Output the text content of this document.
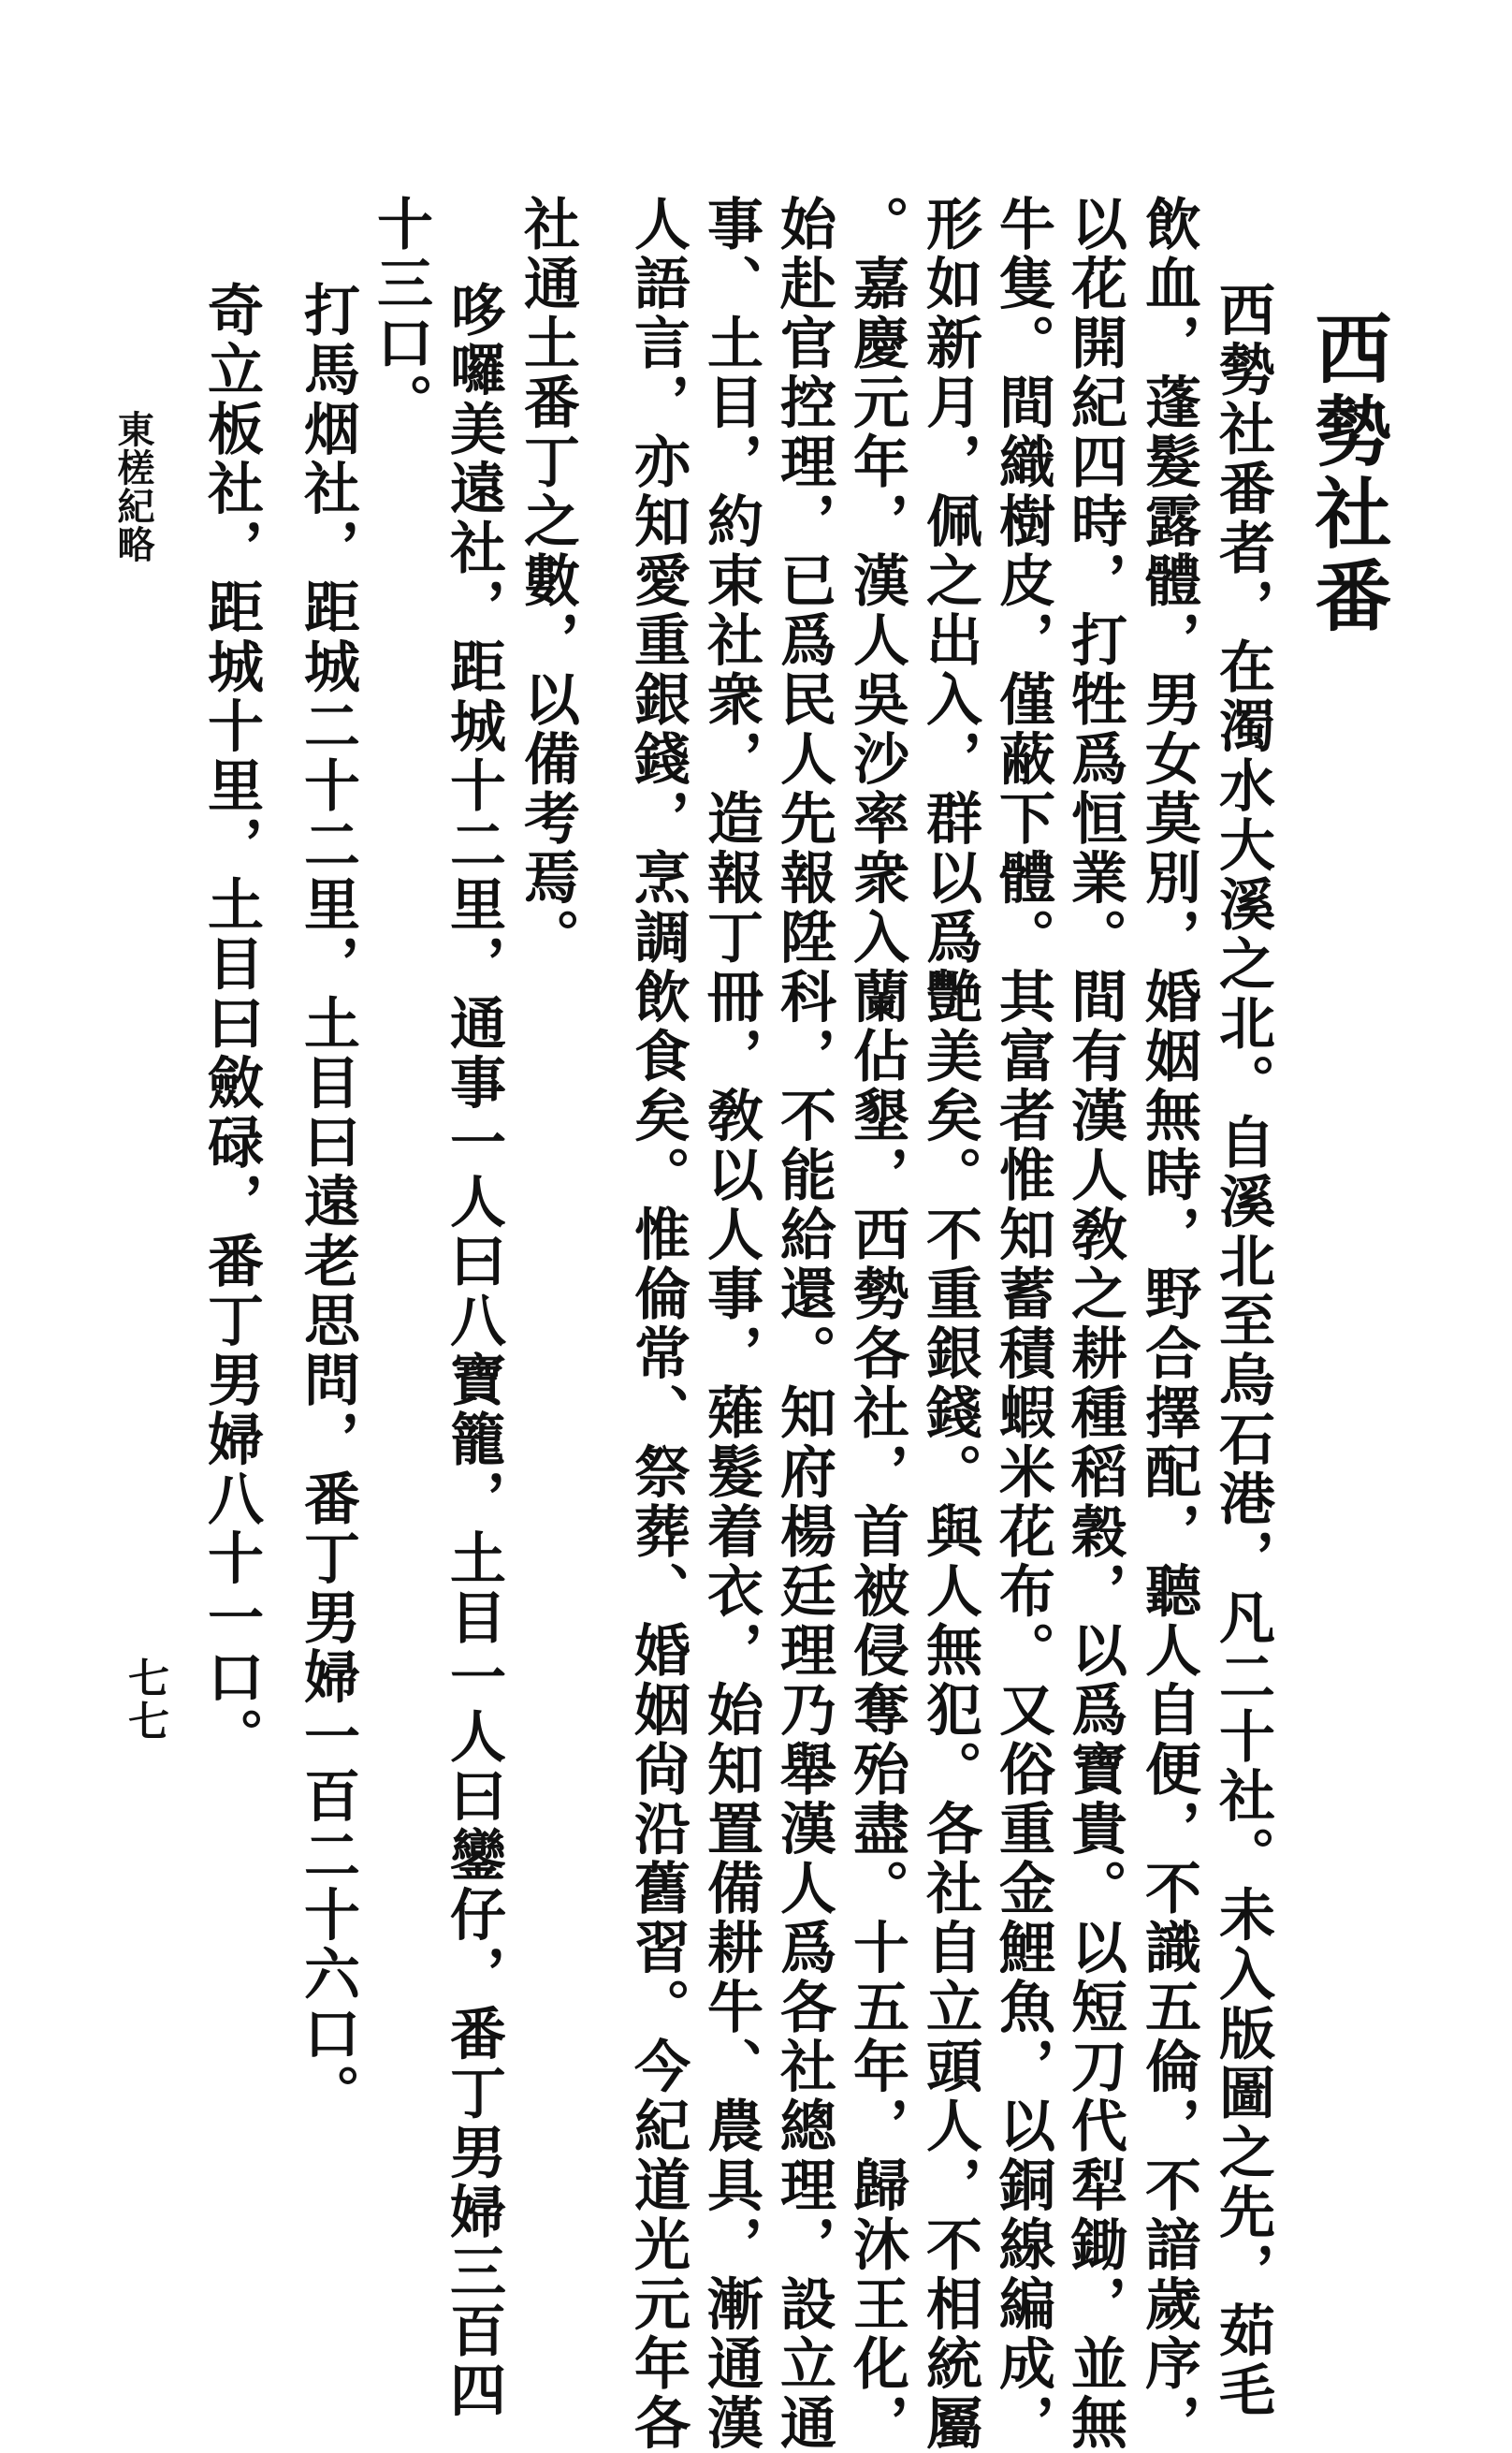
西勢社番
西勢社番者，在濁水大溪之北。自溪北至烏石港，凡二十社。未入版圖之先，茹毛
飲血，蓬髮露體，男女莫別，婚姻無時，野合擇配，聽人自便，不識五倫，不諳歲序，
以花開紀四時，打牲爲恒業。間有漢人敎之耕種稻穀，以爲寶貴。以短刀代犁鋤，並無
牛隻。間織樹皮，僅蔽下體。其富者惟知蓄積蝦米花布。又俗重金鯉魚，以銅線編成，
形如新月，佩之出入，群以爲艷美矣。不重銀錢。與人無犯。各社自立頭人，不相統屬
。嘉慶元年，漢人吳沙率衆入蘭佔墾，西勢各社，首被侵奪殆盡。十五年，歸沐王化，
始赴官控理，已爲民人先報陞科，不能給還。知府楊廷理乃舉漢人爲各社總理，設立通
事、土目，約束社衆，造報丁冊，敎以人事，薙髮着衣，始知置備耕牛、農具，漸通漢
人語言，亦知愛重銀錢，烹調飲食矣。惟倫常、祭葬、婚姻尙沿舊習。今紀道光元年各
社通土番丁之數，以備考焉。
哆囉美遠社，距城十二里，通事一人曰八寶籠，土目一人曰鑾仔，番丁男婦三百四
十三口。
打馬烟社，距城二十二里，土目曰遠老思問，番丁男婦一百二十六口。
奇立板社，距城十里，土目曰斂碌，番丁男婦八十一口。
東槎紀略
七七
